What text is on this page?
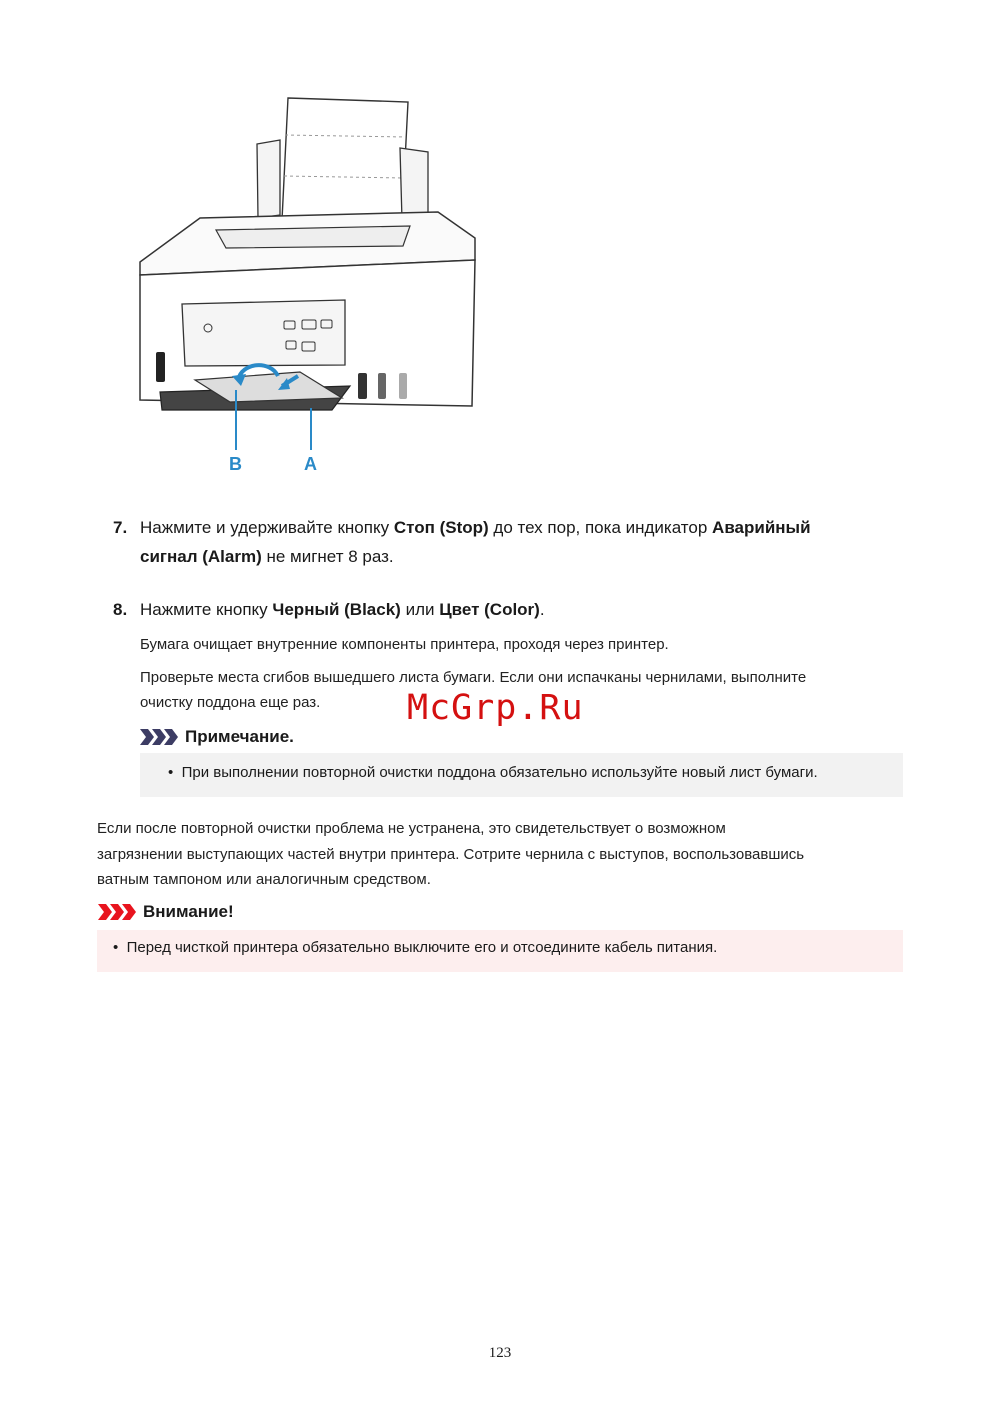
B	A
7. Нажмите и удерживайте кнопку Стоп (Stop) до тех пор, пока индикатор Аварийный
сигнал (Alarm) не мигнет 8 раз.
8. Нажмите кнопку Черный (Black) или Цвет (Color).
Бумага очищает внутренние компоненты принтера, проходя через принтер.
Проверьте места сгибов вышедшего листа бумаги. Если они испачканы чернилами, выполните
очистку поддона еще раз. McGrp.Ru
Примечание.
•  При выполнении повторной очистки поддона обязательно используйте новый лист бумаги.
Если после повторной очистки проблема не устранена, это свидетельствует о возможном
загрязнении выступающих частей внутри принтера. Сотрите чернила с выступов, воспользовавшись
ватным тампоном или аналогичным средством.
Внимание!
•  Перед чисткой принтера обязательно выключите его и отсоедините кабель питания.
123
